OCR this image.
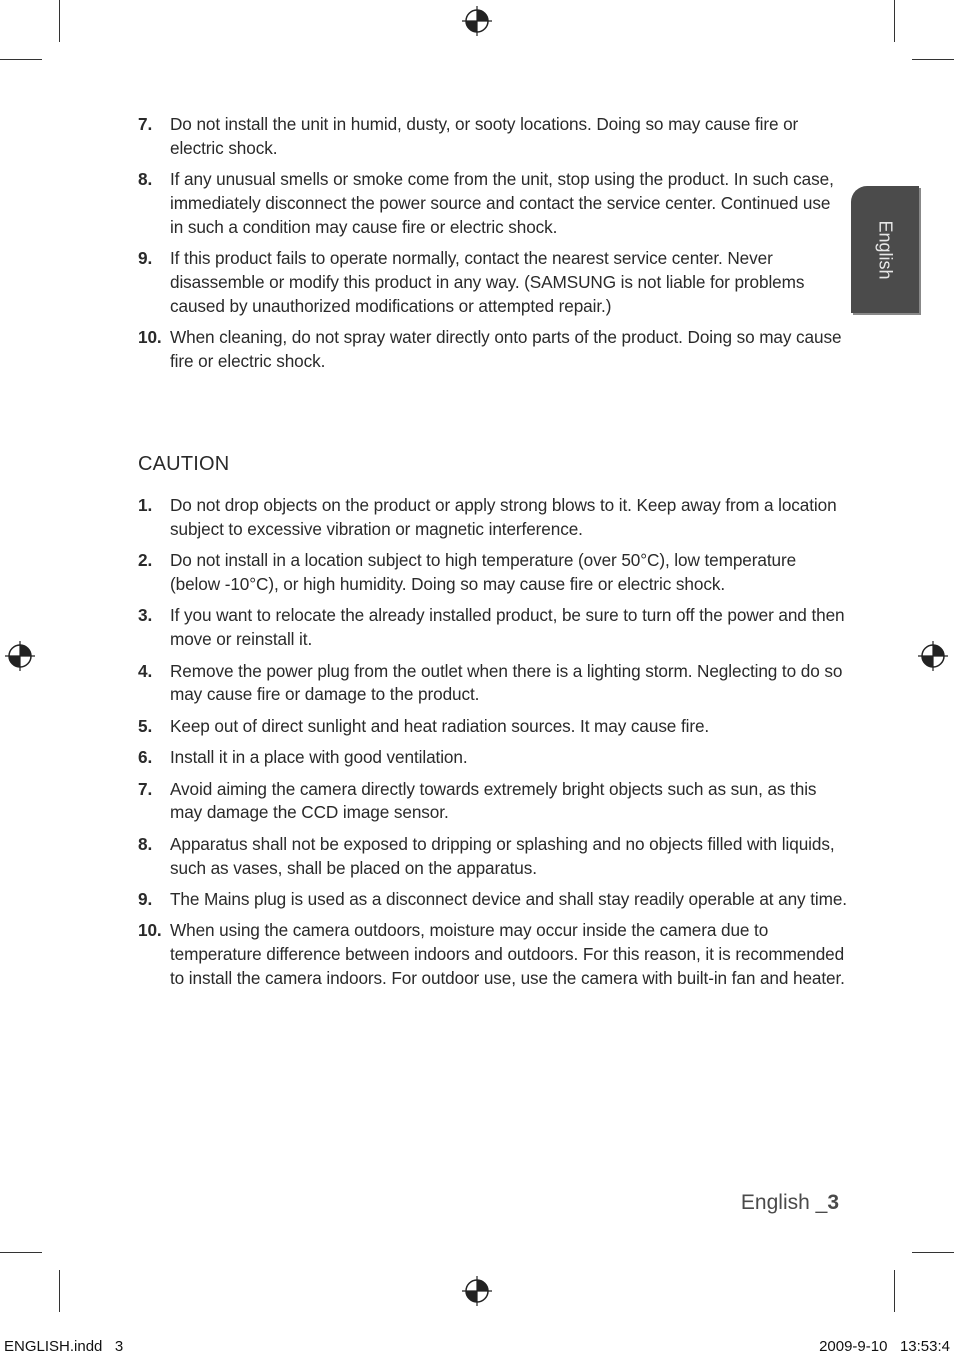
English
7. Do not install the unit in humid, dusty, or sooty locations. Doing so may cause fire or electric shock.
8. If any unusual smells or smoke come from the unit, stop using the product. In such case, immediately disconnect the power source and contact the service center. Continued use in such a condition may cause fire or electric shock.
9. If this product fails to operate normally, contact the nearest service center. Never disassemble or modify this product in any way. (SAMSUNG is not liable for problems caused by unauthorized modifications or attempted repair.)
10. When cleaning, do not spray water directly onto parts of the product. Doing so may cause fire or electric shock.
CAUTION
1. Do not drop objects on the product or apply strong blows to it. Keep away from a location subject to excessive vibration or magnetic interference.
2. Do not install in a location subject to high temperature (over 50°C), low temperature (below -10°C), or high humidity. Doing so may cause fire or electric shock.
3. If you want to relocate the already installed product, be sure to turn off the power and then move or reinstall it.
4. Remove the power plug from the outlet when there is a lighting storm. Neglecting to do so may cause fire or damage to the product.
5. Keep out of direct sunlight and heat radiation sources. It may cause fire.
6. Install it in a place with good ventilation.
7. Avoid aiming the camera directly towards extremely bright objects such as sun, as this may damage the CCD image sensor.
8. Apparatus shall not be exposed to dripping or splashing and no objects filled with liquids, such as vases, shall be placed on the apparatus.
9. The Mains plug is used as a disconnect device and shall stay readily operable at any time.
10. When using the camera outdoors, moisture may occur inside the camera due to temperature difference between indoors and outdoors. For this reason, it is recommended to install the camera indoors. For outdoor use, use the camera with built-in fan and heater.
English _3
ENGLISH.indd   3	2009-9-10   13:53:4
